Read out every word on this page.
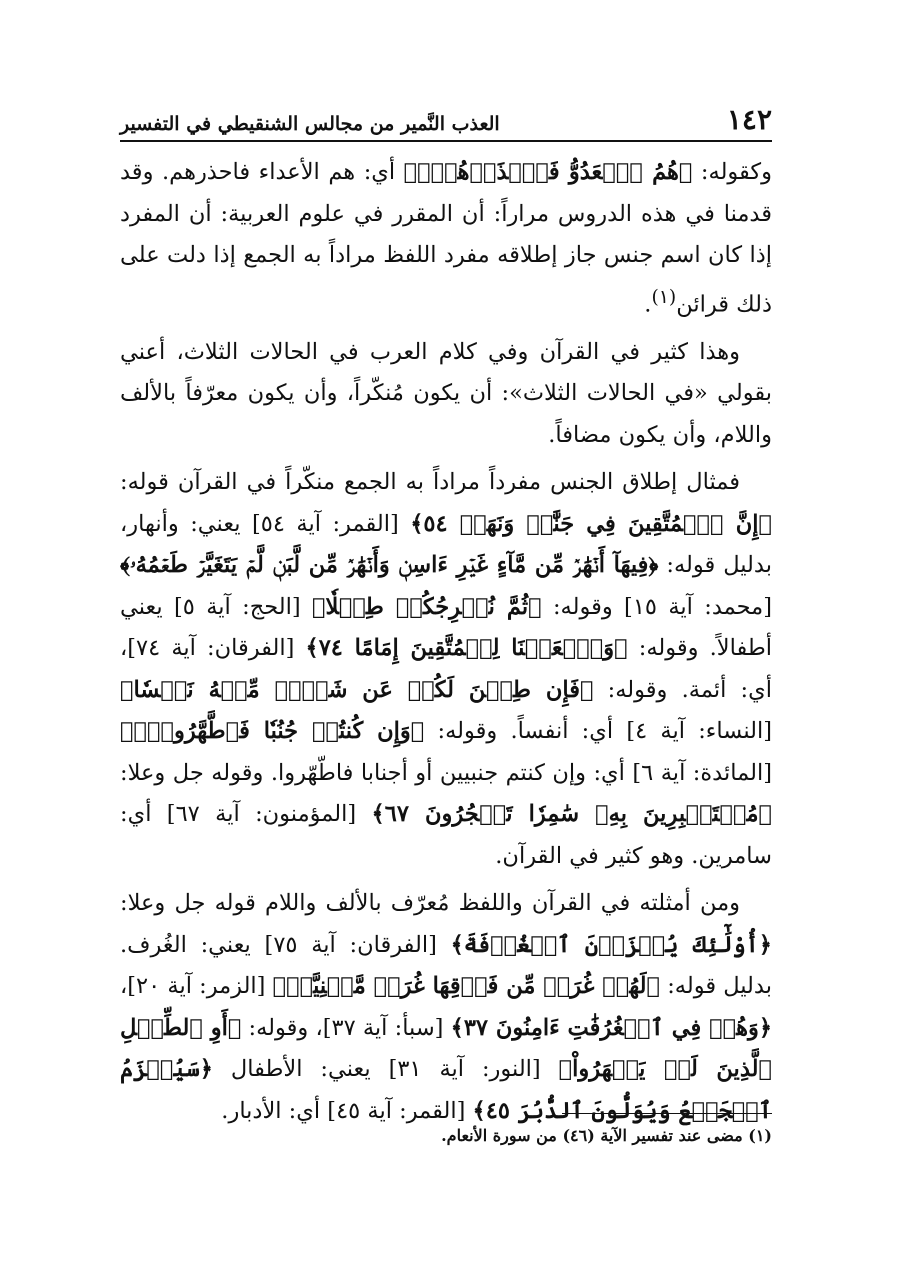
١٤٢
العذب النَّمير من مجالس الشنقيطي في التفسير

وكقوله: ﴿هُمُ ٱلۡعَدُوُّ فَٱحۡذَرۡهُمۡۚ﴾ أي: هم الأعداء فاحذرهم. وقد قدمنا في هذه الدروس مراراً: أن المقرر في علوم العربية: أن المفرد إذا كان اسم جنس جاز إطلاقه مفرد اللفظ مراداً به الجمع إذا دلت على ذلك قرائن$^{(١)}$.

وهذا كثير في القرآن وفي كلام العرب في الحالات الثلاث، أعني بقولي «في الحالات الثلاث»: أن يكون مُنكّراً، وأن يكون معرّفاً بالألف واللام، وأن يكون مضافاً.

فمثال إطلاق الجنس مفرداً مراداً به الجمع منكّراً في القرآن قوله: ﴿إِنَّ ٱلۡمُتَّقِينَ فِي جَنَّٰتٖ وَنَهَرٖ ٥٤﴾ [القمر: آية ٥٤] يعني: وأنهار، بدليل قوله: ﴿فِيهَآ أَنۡهَٰرٞ مِّن مَّآءٍ غَيۡرِ ءَاسِنٖ وَأَنۡهَٰرٞ مِّن لَّبَنٖ لَّمۡ يَتَغَيَّرۡ طَعۡمُهُۥ﴾ [محمد: آية ١٥] وقوله: ﴿ثُمَّ نُخۡرِجُكُمۡ طِفۡلٗا﴾ [الحج: آية ٥] يعني أطفالاً. وقوله: ﴿وَٱجۡعَلۡنَا لِلۡمُتَّقِينَ إِمَامًا ٧٤﴾ [الفرقان: آية ٧٤]، أي: أئمة. وقوله: ﴿فَإِن طِبۡنَ لَكُمۡ عَن شَيۡءٖ مِّنۡهُ نَفۡسٗا﴾ [النساء: آية ٤] أي: أنفساً. وقوله: ﴿وَإِن كُنتُمۡ جُنُبٗا فَٱطَّهَّرُواْۚ﴾ [المائدة: آية ٦] أي: وإن كنتم جنبيين أو أجنابا فاطّهّروا. وقوله جل وعلا: ﴿مُسۡتَكۡبِرِينَ بِهِۦ سَٰمِرٗا تَهۡجُرُونَ ٦٧﴾ [المؤمنون: آية ٦٧] أي: سامرين. وهو كثير في القرآن.

ومن أمثلته في القرآن واللفظ مُعرّف بالألف واللام قوله جل وعلا: ﴿أُوْلَٰٓئِكَ يُجۡزَوۡنَ ٱلۡغُرۡفَةَ﴾ [الفرقان: آية ٧٥] يعني: الغُرف. بدليل قوله: ﴿لَهُمۡ غُرَفٞ مِّن فَوۡقِهَا غُرَفٞ مَّبۡنِيَّةٞ﴾ [الزمر: آية ٢٠]، ﴿وَهُمۡ فِي ٱلۡغُرُفَٰتِ ءَامِنُونَ ٣٧﴾ [سبأ: آية ٣٧]، وقوله: ﴿أَوِ ٱلطِّفۡلِ ٱلَّذِينَ لَمۡ يَظۡهَرُواْ﴾ [النور: آية ٣١] يعني: الأطفال ﴿سَيُهۡزَمُ ٱلۡجَمۡعُ وَيُوَلُّونَ ٱلدُّبُرَ ٤٥﴾ [القمر: آية ٤٥] أي: الأدبار.

(١) مضى عند تفسير الآية (٤٦) من سورة الأنعام.
